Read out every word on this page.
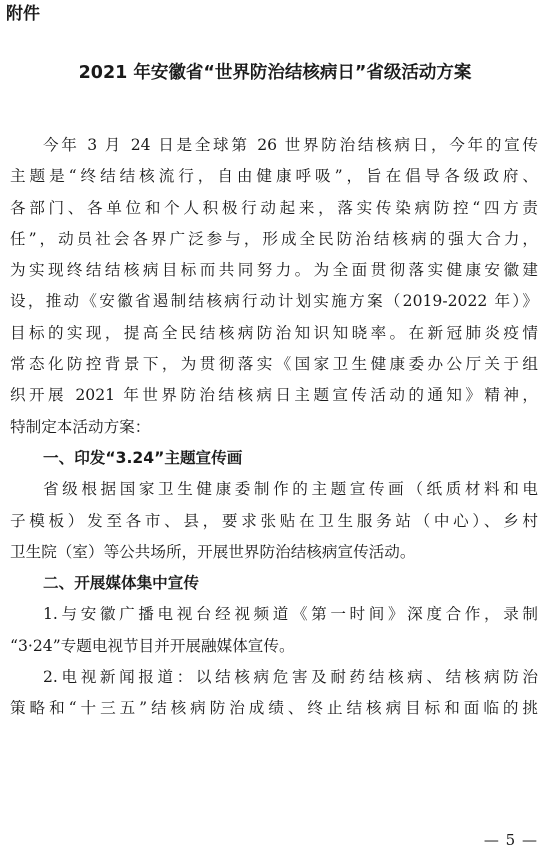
附件
2021 年安徽省“世界防治结核病日”省级活动方案
今年 3 月 24 日是全球第 26 世界防治结核病日，今年的宣传
主题是“终结结核流行，自由健康呼吸”，旨在倡导各级政府、
各部门、各单位和个人积极行动起来，落实传染病防控“四方责
任”，动员社会各界广泛参与，形成全民防治结核病的强大合力，
为实现终结结核病目标而共同努力。为全面贯彻落实健康安徽建
设，推动《安徽省遏制结核病行动计划实施方案（2019-2022 年）》
目标的实现，提高全民结核病防治知识知晓率。在新冠肺炎疫情
常态化防控背景下，为贯彻落实《国家卫生健康委办公厅关于组
织开展 2021 年世界防治结核病日主题宣传活动的通知》精神，
特制定本活动方案：
一、印发“3.24”主题宣传画
省级根据国家卫生健康委制作的主题宣传画（纸质材料和电
子模板）发至各市、县，要求张贴在卫生服务站（中心）、乡村
卫生院（室）等公共场所，开展世界防治结核病宣传活动。
二、开展媒体集中宣传
1.与安徽广播电视台经视频道《第一时间》深度合作，录制
“3·24”专题电视节目并开展融媒体宣传。
2.电视新闻报道：以结核病危害及耐药结核病、结核病防治
策略和“十三五”结核病防治成绩、终止结核病目标和面临的挑
— 5 —
